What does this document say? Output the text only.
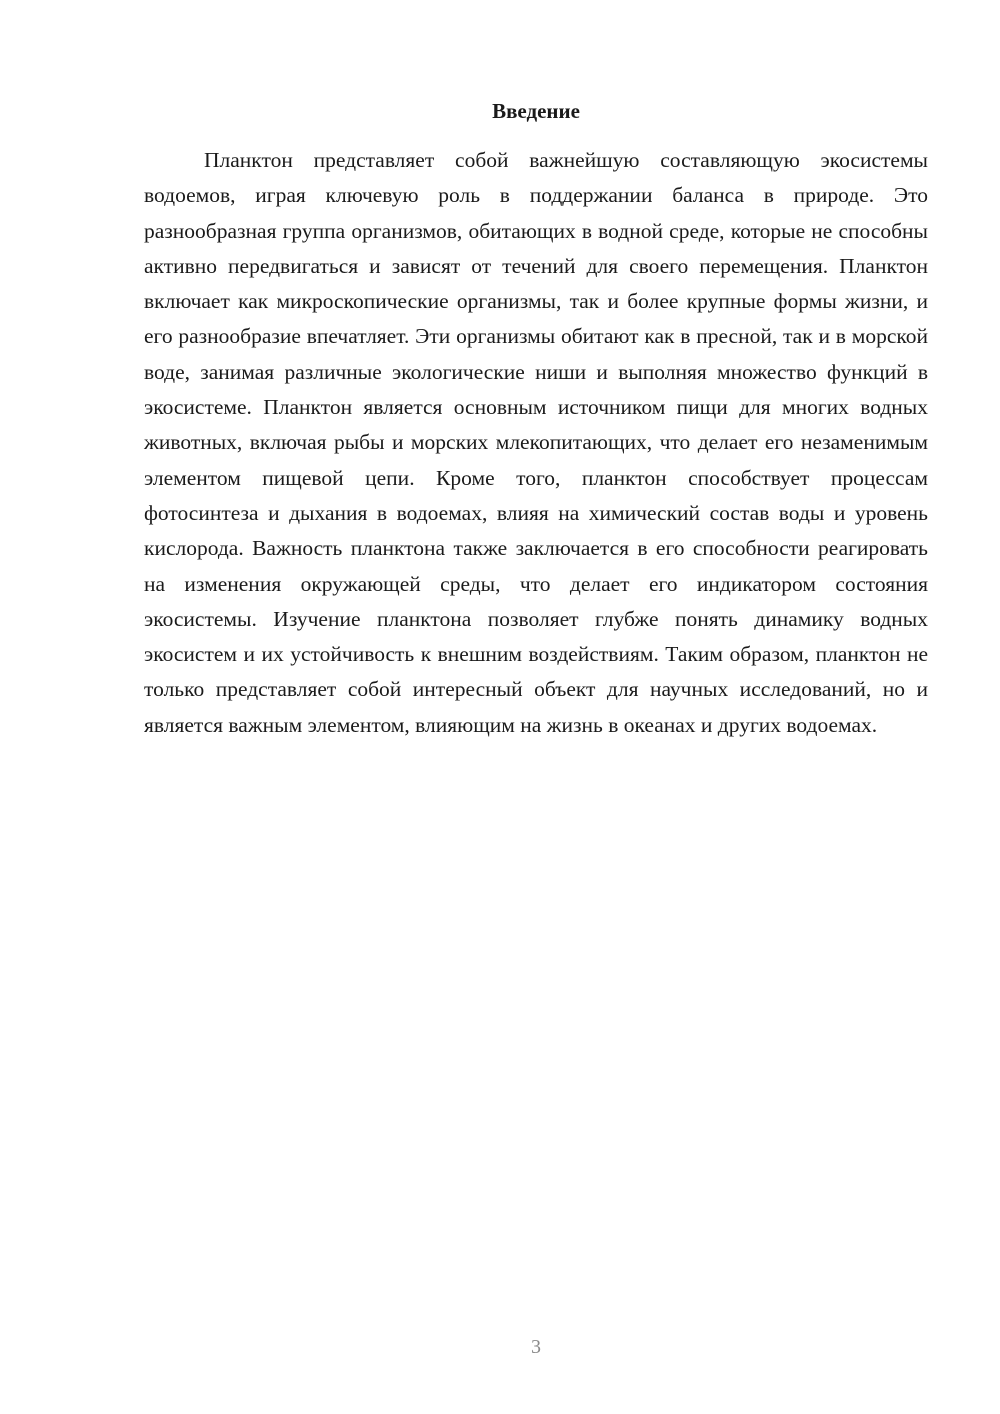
Введение

Планктон представляет собой важнейшую составляющую экосистемы водоемов, играя ключевую роль в поддержании баланса в природе. Это разнообразная группа организмов, обитающих в водной среде, которые не способны активно передвигаться и зависят от течений для своего перемещения. Планктон включает как микроскопические организмы, так и более крупные формы жизни, и его разнообразие впечатляет. Эти организмы обитают как в пресной, так и в морской воде, занимая различные экологические ниши и выполняя множество функций в экосистеме. Планктон является основным источником пищи для многих водных животных, включая рыбы и морских млекопитающих, что делает его незаменимым элементом пищевой цепи. Кроме того, планктон способствует процессам фотосинтеза и дыхания в водоемах, влияя на химический состав воды и уровень кислорода. Важность планктона также заключается в его способности реагировать на изменения окружающей среды, что делает его индикатором состояния экосистемы. Изучение планктона позволяет глубже понять динамику водных экосистем и их устойчивость к внешним воздействиям. Таким образом, планктон не только представляет собой интересный объект для научных исследований, но и является важным элементом, влияющим на жизнь в океанах и других водоемах.

3
